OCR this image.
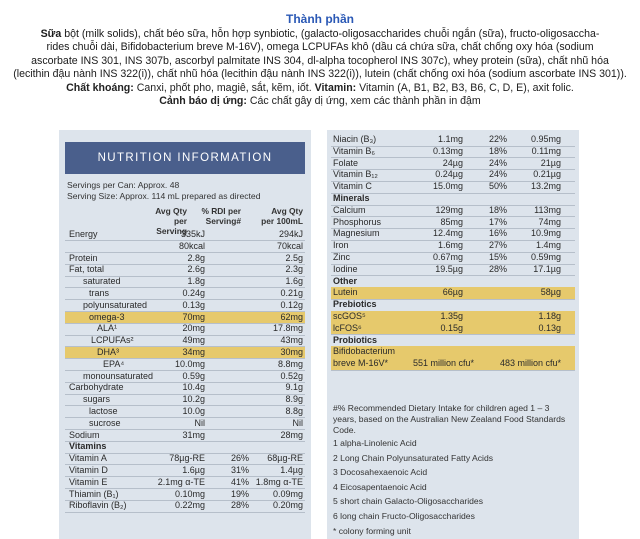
Thành phần
Sữa bột (milk solids), chất béo sữa, hỗn hợp synbiotic, (galacto-oligosaccharides chuỗi ngắn (sữa), fructo-oligosaccha-
rides chuỗi dài, Bifidobacterium breve M-16V), omega LCPUFAs khô (dầu cá chứa sữa, chất chống oxy hóa (sodium
ascorbate INS 301, INS 307b, ascorbyl palmitate INS 304, dl-alpha tocopherol INS 307c), whey protein (sữa), chất nhũ hóa
(lecithin đậu nành INS 322(i)), chất nhũ hóa (lecithin đậu nành INS 322(i)), lutein (chất chống oxi hóa (sodium ascorbate INS 301)).
Chất khoáng: Canxi, phốt pho, magiê, sắt, kẽm, iốt. Vitamin: Vitamin (A, B1, B2, B3, B6, C, D, E), axit folic.
Cảnh báo dị ứng: Các chất gây dị ứng, xem các thành phần in đậm
NUTRITION INFORMATION
Servings per Can: Approx. 48
Serving Size: Approx. 114 mL prepared as directed
Avg Qty per Serving
% RDI per Serving#
Avg Qty per 100mL
Energy	335kJ	294kJ
80kcal	70kcal
Protein	2.8g	2.5g
Fat, total	2.6g	2.3g
saturated	1.8g	1.6g
trans	0.24g	0.21g
polyunsaturated	0.13g	0.12g
omega-3	70mg	62mg
ALA¹	20mg	17.8mg
LCPUFAs²	49mg	43mg
DHA³	34mg	30mg
EPA⁴	10.0mg	8.8mg
monounsaturated	0.59g	0.52g
Carbohydrate	10.4g	9.1g
sugars	10.2g	8.9g
lactose	10.0g	8.8g
sucrose	Nil	Nil
Sodium	31mg	28mg
Vitamins
Vitamin A	78µg-RE	26% 68µg-RE
Vitamin D	1.6µg	31%	1.4µg
Vitamin E	2.1mg α-TE	41% 1.8mg α-TE
Thiamin (B₁)	0.10mg	19%	0.09mg
Riboflavin (B₂)	0.22mg	28%	0.20mg
Niacin (B₃)	1.1mg	22%	0.95mg
Vitamin B₆	0.13mg	18%	0.11mg
Folate	24µg	24%	21µg
Vitamin B₁₂	0.24µg	24%	0.21µg
Vitamin C	15.0mg	50%	13.2mg
Minerals
Calcium	129mg	18%	113mg
Phosphorus	85mg	17%	74mg
Magnesium	12.4mg	16%	10.9mg
Iron	1.6mg	27%	1.4mg
Zinc	0.67mg	15%	0.59mg
Iodine	19.5µg	28%	17.1µg
Other
Lutein	66µg	58µg
Prebiotics
scGOS⁵	1.35g	1.18g
lcFOS⁶	0.15g	0.13g
Probiotics
Bifidobacterium
breve M-16V*	551 million cfu*	483 million cfu*
#% Recommended Dietary Intake for children aged 1 – 3 years, based on the Australian New Zealand Food Standards Code.
1 alpha-Linolenic Acid
2 Long Chain Polyunsaturated Fatty Acids
3 Docosahexaenoic Acid
4 Eicosapentaenoic Acid
5 short chain Galacto-Oligosaccharides
6 long chain Fructo-Oligosaccharides
* colony forming unit
